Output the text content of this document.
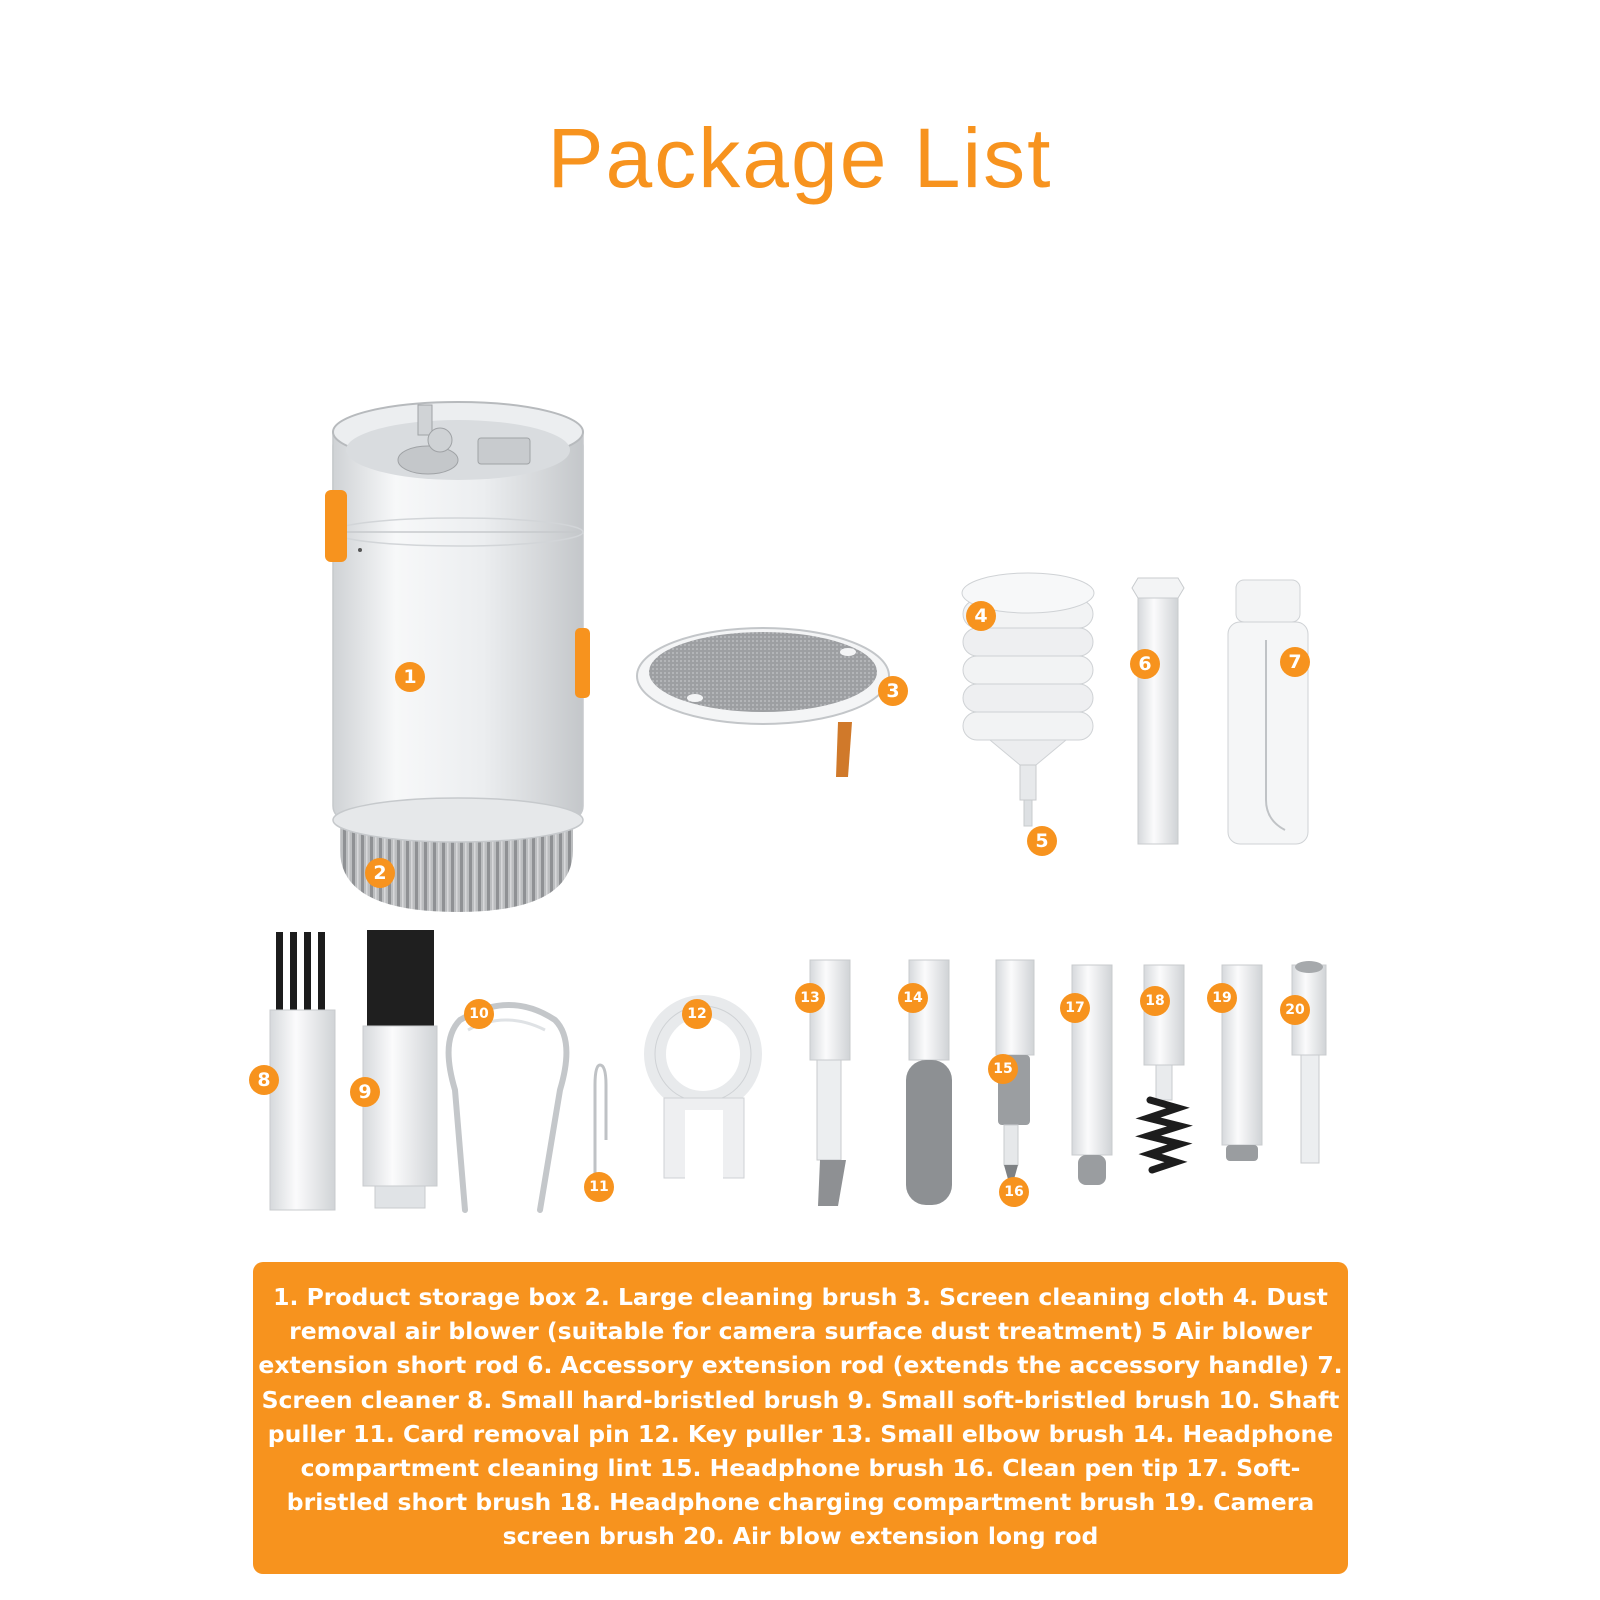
Package List
1
2
3
4
5
6	7
8
9
10
11
12
13	14
15
16
17	18	19
20

1. Product storage box 2. Large cleaning brush 3. Screen cleaning cloth 4. Dust removal air blower (suitable for camera surface dust treatment) 5 Air blower extension short rod 6. Accessory extension rod (extends the accessory handle) 7. Screen cleaner 8. Small hard-bristled brush 9. Small soft-bristled brush 10. Shaft puller 11. Card removal pin 12. Key puller 13. Small elbow brush 14. Headphone compartment cleaning lint 15. Headphone brush 16. Clean pen tip 17. Soft-bristled short brush 18. Headphone charging compartment brush 19. Camera screen brush 20. Air blow extension long rod
